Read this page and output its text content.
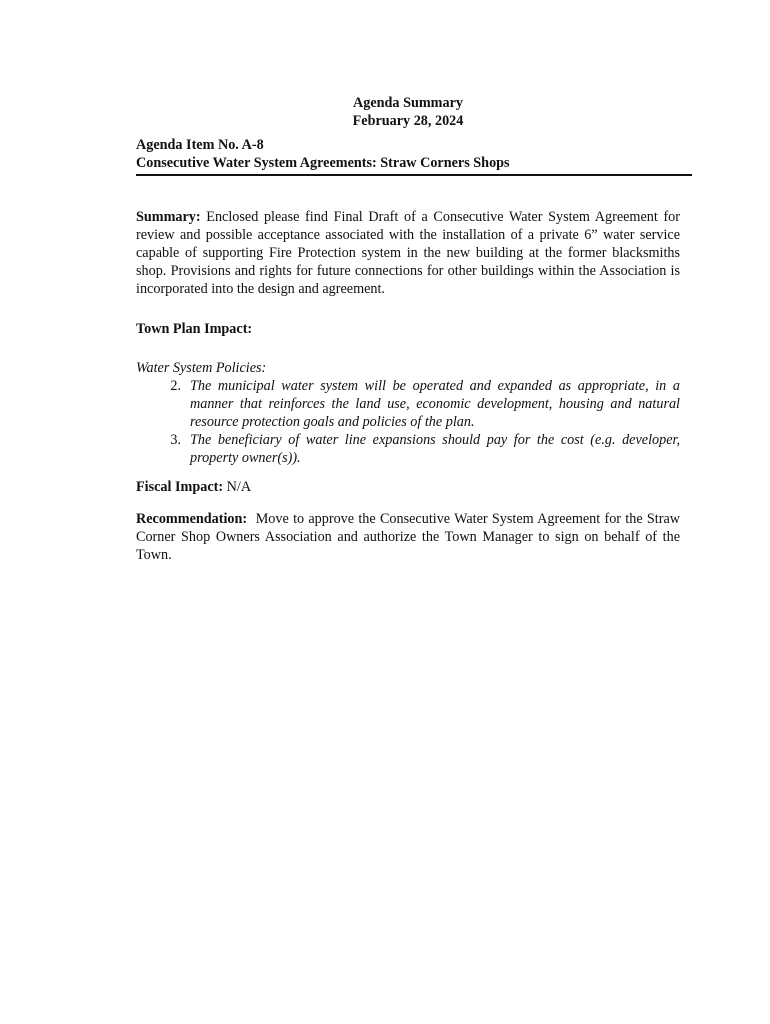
Agenda Summary
February 28, 2024
Agenda Item No. A-8
Consecutive Water System Agreements: Straw Corners Shops
Summary: Enclosed please find Final Draft of a Consecutive Water System Agreement for review and possible acceptance associated with the installation of a private 6” water service capable of supporting Fire Protection system in the new building at the former blacksmiths shop. Provisions and rights for future connections for other buildings within the Association is incorporated into the design and agreement.
Town Plan Impact:
Water System Policies:
2. The municipal water system will be operated and expanded as appropriate, in a manner that reinforces the land use, economic development, housing and natural resource protection goals and policies of the plan.
3. The beneficiary of water line expansions should pay for the cost (e.g. developer, property owner(s)).
Fiscal Impact: N/A
Recommendation: Move to approve the Consecutive Water System Agreement for the Straw Corner Shop Owners Association and authorize the Town Manager to sign on behalf of the Town.
